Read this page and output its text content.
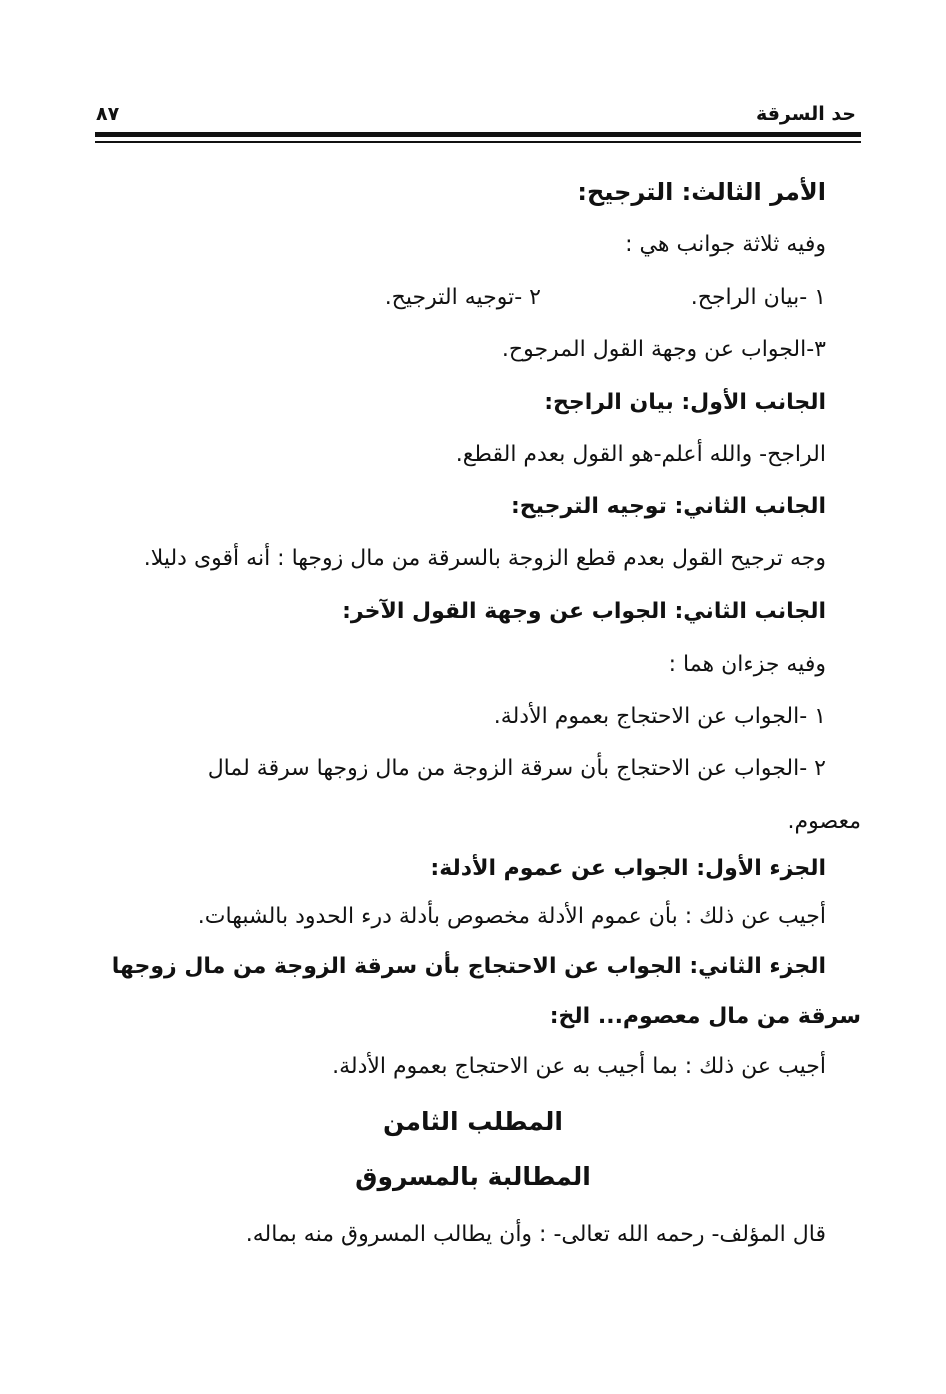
حد السرقة
٨٧
الأمر الثالث: الترجيح:
وفيه ثلاثة جوانب هي :
١ -بيان الراجح.
٢ -توجيه الترجيح.
٣-الجواب عن وجهة القول المرجوح.
الجانب الأول: بيان الراجح:
الراجح- والله أعلم-هو القول بعدم القطع.
الجانب الثاني: توجيه الترجيح:
وجه ترجيح القول بعدم قطع الزوجة بالسرقة من مال زوجها : أنه أقوى دليلا.
الجانب الثاني: الجواب عن وجهة القول الآخر:
وفيه جزءان هما :
١ -الجواب عن الاحتجاج بعموم الأدلة.
٢ -الجواب عن الاحتجاج بأن سرقة الزوجة من مال زوجها سرقة لمال
معصوم.
الجزء الأول: الجواب عن عموم الأدلة:
أجيب عن ذلك : بأن عموم الأدلة مخصوص بأدلة درء الحدود بالشبهات.
الجزء الثاني: الجواب عن الاحتجاج بأن سرقة الزوجة من مال زوجها
سرقة من مال معصوم... الخ:
أجيب عن ذلك : بما أجيب به عن الاحتجاج بعموم الأدلة.
المطلب الثامن
المطالبة بالمسروق
قال المؤلف- رحمه الله تعالى- : وأن يطالب المسروق منه بماله.
